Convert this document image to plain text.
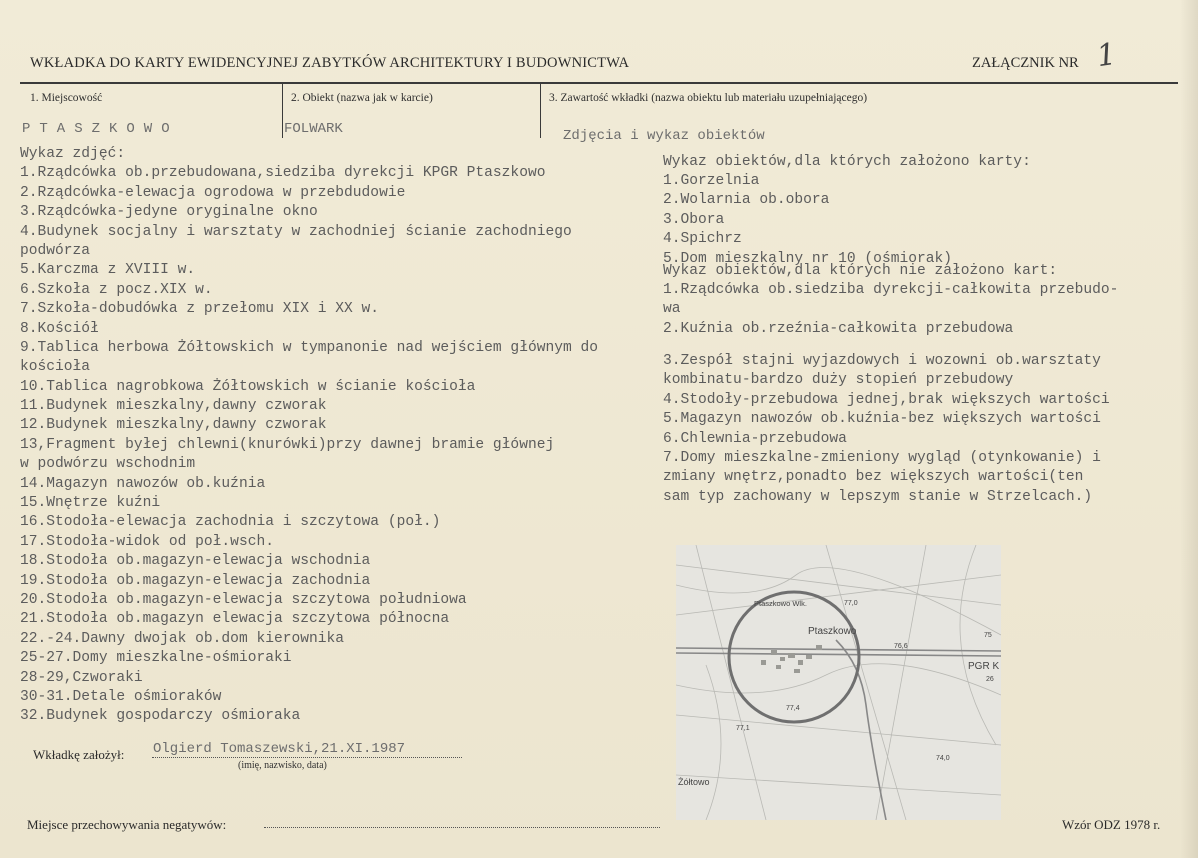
WKŁADKA DO KARTY EWIDENCYJNEJ ZABYTKÓW ARCHITEKTURY I BUDOWNICTWA	ZAŁĄCZNIK NR 1
1. Miejscowość	2. Obiekt (nazwa jak w karcie)	3. Zawartość wkładki (nazwa obiektu lub materiału uzupełniającego)
PTASZKOWO	FOLWARK	Zdjęcia i wykaz obiektów
Wykaz zdjęć:
1.Rządcówka ob.przebudowana,siedziba dyrekcji KPGR Ptaszkowo
2.Rządcówka-elewacja ogrodowa w przebdudowie
3.Rządcówka-jedyne oryginalne okno
4.Budynek socjalny i warsztaty w zachodniej ścianie zachodniego
podwórza
5.Karczma z XVIII w.
6.Szkoła z pocz.XIX w.
7.Szkoła-dobudówka z przełomu XIX i XX w.
8.Kościół
9.Tablica herbowa Żółtowskich w tympanonie nad wejściem głównym do
kościoła
10.Tablica nagrobkowa Żółtowskich w ścianie kościoła
11.Budynek mieszkalny,dawny czworak
12.Budynek mieszkalny,dawny czworak
13,Fragment byłej chlewni(knurówki)przy dawnej bramie głównej
w podwórzu wschodnim
14.Magazyn nawozów ob.kuźnia
15.Wnętrze kuźni
16.Stodoła-elewacja zachodnia i szczytowa (poł.)
17.Stodoła-widok od poł.wsch.
18.Stodoła ob.magazyn-elewacja wschodnia
19.Stodoła ob.magazyn-elewacja zachodnia
20.Stodoła ob.magazyn-elewacja szczytowa południowa
21.Stodoła ob.magazyn elewacja szczytowa północna
22.-24.Dawny dwojak ob.dom kierownika
25-27.Domy mieszkalne-ośmioraki
28-29,Czworaki
30-31.Detale ośmioraków
32.Budynek gospodarczy ośmioraka
Wykaz obiektów,dla których założono karty:
1.Gorzelnia
2.Wolarnia ob.obora
3.Obora
4.Spichrz
5.Dom mieszkalny nr 10 (ośmiorak)
Wykaz obiektów,dla których nie założono kart:
1.Rządcówka ob.siedziba dyrekcji-całkowita przebudo-
wa
2.Kuźnia ob.rzeźnia-całkowita przebudowa
3.Zespół stajni wyjazdowych i wozowni ob.warsztaty
kombinatu-bardzo duży stopień przebudowy
4.Stodoły-przebudowa jednej,brak większych wartości
5.Magazyn nawozów ob.kuźnia-bez większych wartości
6.Chlewnia-przebudowa
7.Domy mieszkalne-zmieniony wygląd (otynkowanie) i
zmiany wnętrz,ponadto bez większych wartości(ten
sam typ zachowany w lepszym stanie w Strzelcach.)
Ptaszkowo
Ptaszkowo Wlk.
PGR K
Żółtowo
77,0
76,6
77,4
75
26
77,1
74,0
Wkładkę założył: Olgierd Tomaszewski,21.XI.1987
(imię, nazwisko, data)
Miejsce przechowywania negatywów:	Wzór ODZ 1978 r.
